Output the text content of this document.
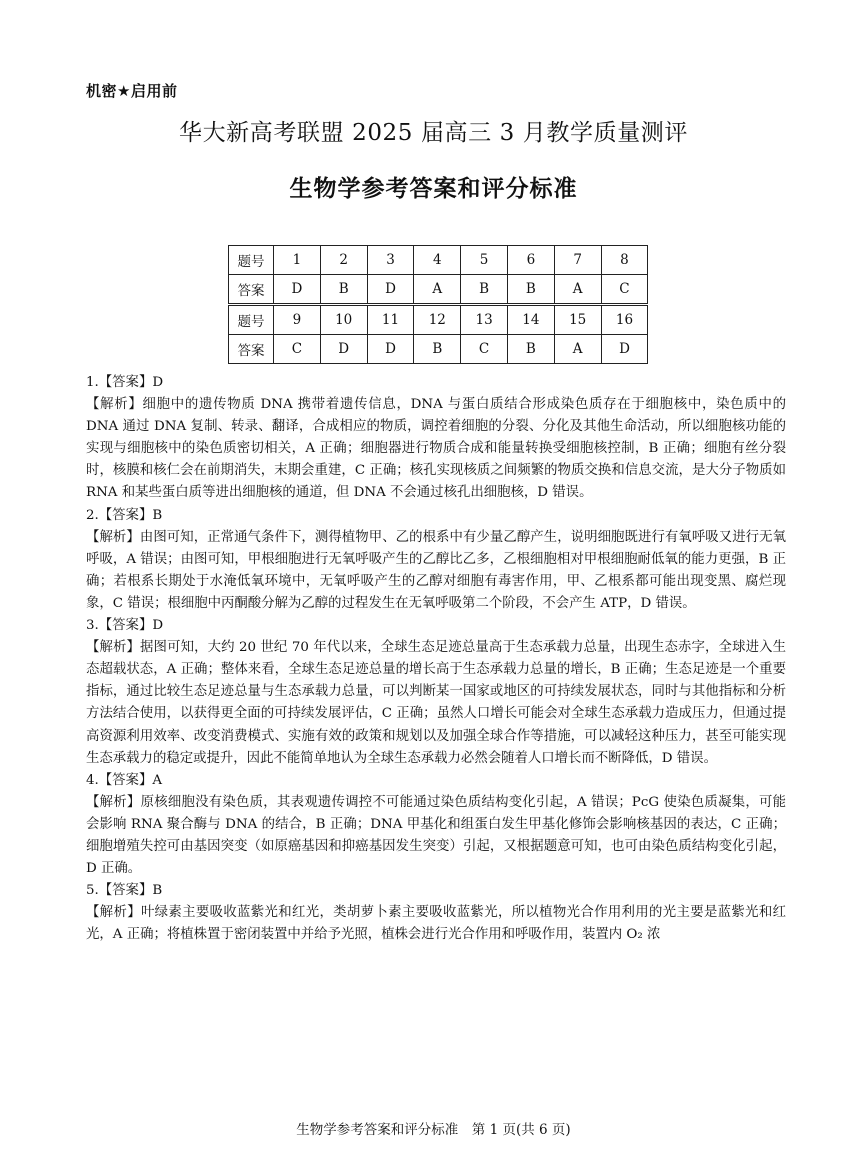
机密★启用前
华大新高考联盟 2025 届高三 3 月教学质量测评
生物学参考答案和评分标准
题号	1	2	3	4	5	6	7	8
答案	D	B	D	A	B	B	A	C
题号	9	10	11	12	13	14	15	16
答案	C	D	D	B	C	B	A	D
1.【答案】D
【解析】细胞中的遗传物质 DNA 携带着遗传信息，DNA 与蛋白质结合形成染色质存在于细胞核中，染色质中的 DNA 通过 DNA 复制、转录、翻译，合成相应的物质，调控着细胞的分裂、分化及其他生命活动，所以细胞核功能的实现与细胞核中的染色质密切相关，A 正确；细胞器进行物质合成和能量转换受细胞核控制，B 正确；细胞有丝分裂时，核膜和核仁会在前期消失，末期会重建，C 正确；核孔实现核质之间频繁的物质交换和信息交流，是大分子物质如 RNA 和某些蛋白质等进出细胞核的通道，但 DNA 不会通过核孔出细胞核，D 错误。
2.【答案】B
【解析】由图可知，正常通气条件下，测得植物甲、乙的根系中有少量乙醇产生，说明细胞既进行有氧呼吸又进行无氧呼吸，A 错误；由图可知，甲根细胞进行无氧呼吸产生的乙醇比乙多，乙根细胞相对甲根细胞耐低氧的能力更强，B 正确；若根系长期处于水淹低氧环境中，无氧呼吸产生的乙醇对细胞有毒害作用，甲、乙根系都可能出现变黑、腐烂现象，C 错误；根细胞中丙酮酸分解为乙醇的过程发生在无氧呼吸第二个阶段，不会产生 ATP，D 错误。
3.【答案】D
【解析】据图可知，大约 20 世纪 70 年代以来，全球生态足迹总量高于生态承载力总量，出现生态赤字，全球进入生态超载状态，A 正确；整体来看，全球生态足迹总量的增长高于生态承载力总量的增长，B 正确；生态足迹是一个重要指标，通过比较生态足迹总量与生态承载力总量，可以判断某一国家或地区的可持续发展状态，同时与其他指标和分析方法结合使用，以获得更全面的可持续发展评估，C 正确；虽然人口增长可能会对全球生态承载力造成压力，但通过提高资源利用效率、改变消费模式、实施有效的政策和规划以及加强全球合作等措施，可以减轻这种压力，甚至可能实现生态承载力的稳定或提升，因此不能简单地认为全球生态承载力必然会随着人口增长而不断降低，D 错误。
4.【答案】A
【解析】原核细胞没有染色质，其表观遗传调控不可能通过染色质结构变化引起，A 错误；PcG 使染色质凝集，可能会影响 RNA 聚合酶与 DNA 的结合，B 正确；DNA 甲基化和组蛋白发生甲基化修饰会影响核基因的表达，C 正确；细胞增殖失控可由基因突变（如原癌基因和抑癌基因发生突变）引起，又根据题意可知，也可由染色质结构变化引起，D 正确。
5.【答案】B
【解析】叶绿素主要吸收蓝紫光和红光，类胡萝卜素主要吸收蓝紫光，所以植物光合作用利用的光主要是蓝紫光和红光，A 正确；将植株置于密闭装置中并给予光照，植株会进行光合作用和呼吸作用，装置内 O₂ 浓
生物学参考答案和评分标准　第 1 页(共 6 页)
